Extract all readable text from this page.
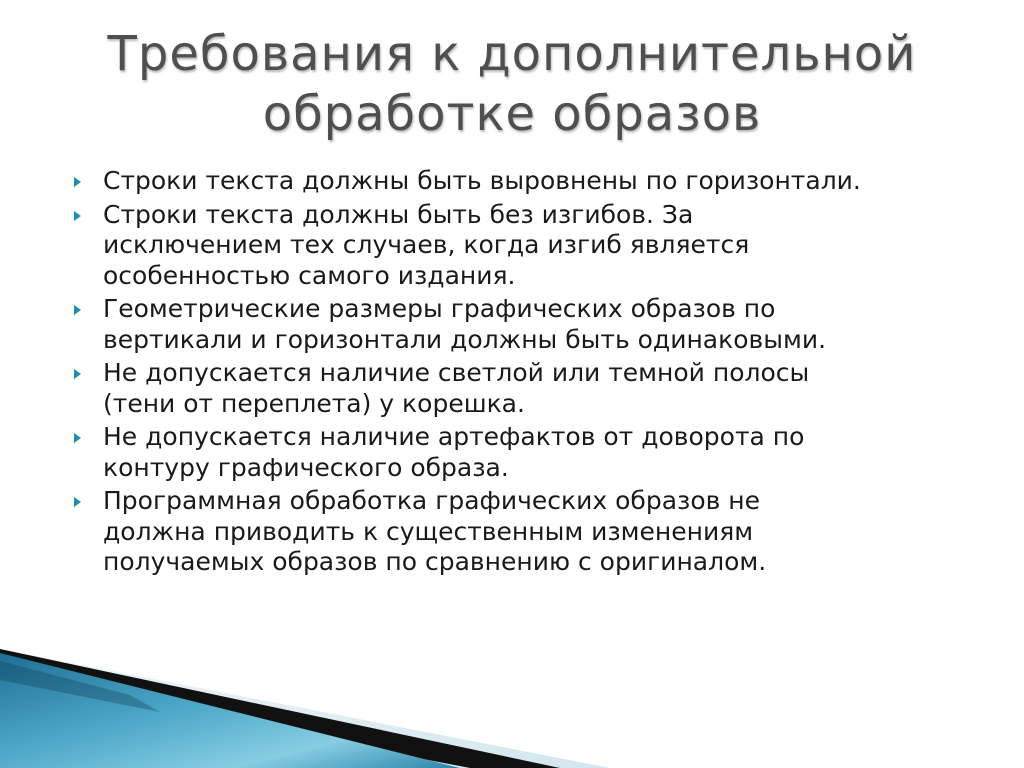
Требования к дополнительной
обработке образов
Строки текста должны быть выровнены по горизонтали.
Строки текста должны быть без изгибов. За
исключением тех случаев, когда изгиб является
особенностью самого издания.
Геометрические размеры графических образов по
вертикали и горизонтали должны быть одинаковыми.
Не допускается наличие светлой или темной полосы
(тени от переплета) у корешка.
Не допускается наличие артефактов от доворота по
контуру графического образа.
Программная обработка графических образов не
должна приводить к существенным изменениям
получаемых образов по сравнению с оригиналом.
